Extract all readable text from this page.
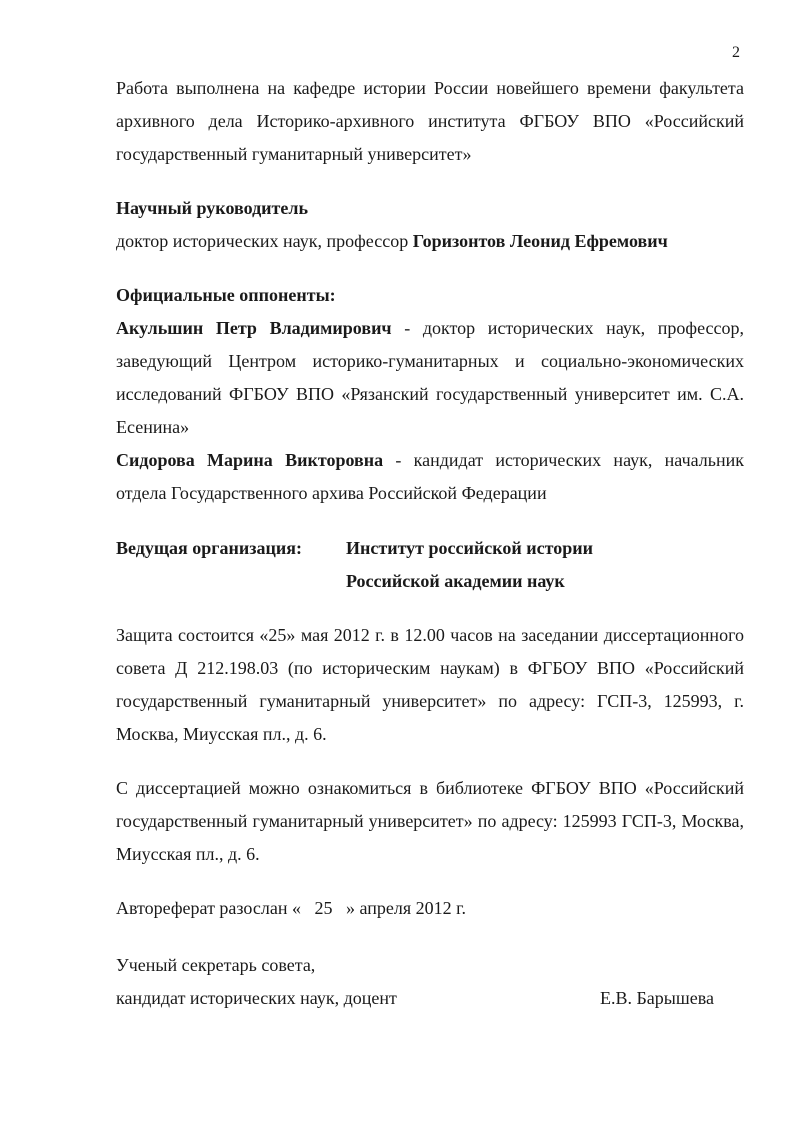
2

Работа выполнена на кафедре истории России новейшего времени факультета архивного дела Историко-архивного института ФГБОУ ВПО «Российский государственный гуманитарный университет»

Научный руководитель

доктор исторических наук, профессор Горизонтов Леонид Ефремович

Официальные оппоненты:

Акульшин Петр Владимирович - доктор исторических наук, профессор, заведующий Центром историко-гуманитарных и социально-экономических исследований ФГБОУ ВПО «Рязанский государственный университет им. С.А. Есенина»

Сидорова Марина Викторовна - кандидат исторических наук, начальник отдела Государственного архива Российской Федерации

Ведущая организация:	Институт российской истории
Российской академии наук

Защита состоится «25» мая 2012 г. в 12.00 часов на заседании диссертационного совета Д 212.198.03 (по историческим наукам) в ФГБОУ ВПО «Российский государственный гуманитарный университет» по адресу: ГСП-3, 125993, г. Москва, Миусская пл., д. 6.

С диссертацией можно ознакомиться в библиотеке ФГБОУ ВПО «Российский государственный гуманитарный университет» по адресу: 125993 ГСП-3, Москва, Миусская пл., д. 6.

Автореферат разослан «   25   » апреля 2012 г.

Ученый секретарь совета,

кандидат исторических наук, доцент	Е.В. Барышева
